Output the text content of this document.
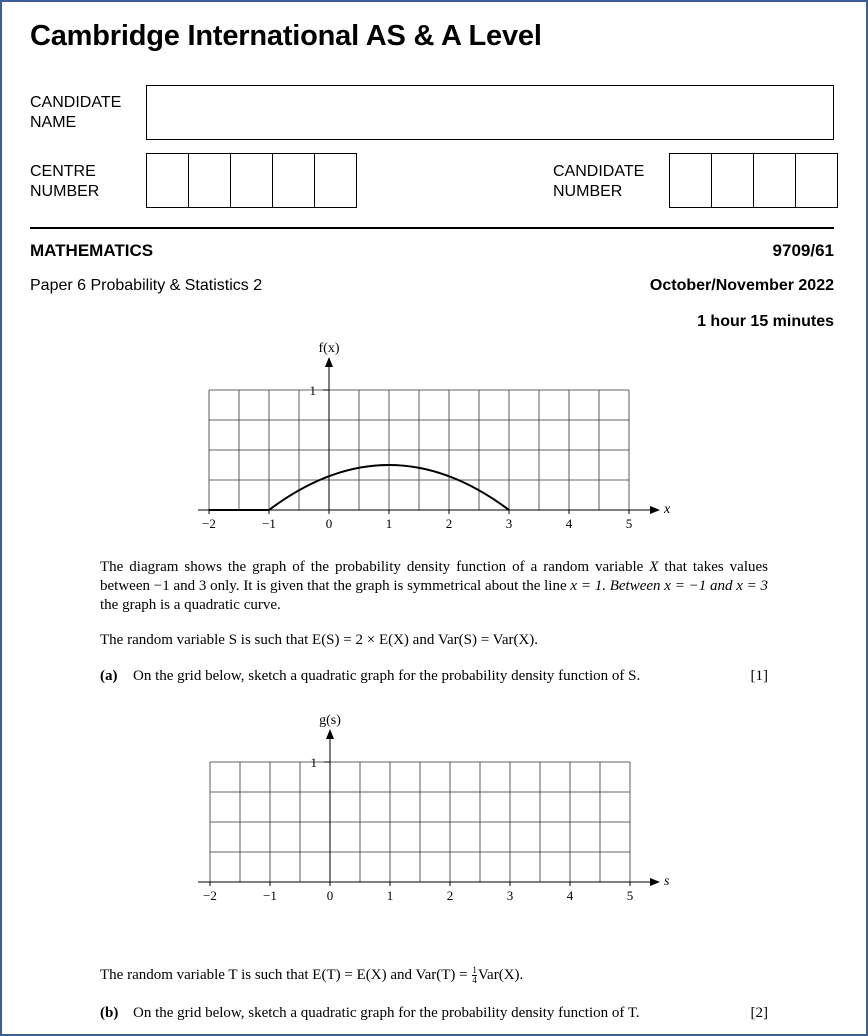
Cambridge International AS & A Level
CANDIDATE
NAME
CENTRE
NUMBER
CANDIDATE
NUMBER
MATHEMATICS	9709/61
Paper 6 Probability & Statistics 2	October/November 2022
1 hour 15 minutes
1
f(x)
x
−2	−1	0	1	2	3	4	5
The diagram shows the graph of the probability density function of a random variable X that takes values between −1 and 3 only. It is given that the graph is symmetrical about the line x = 1. Between x = −1 and x = 3 the graph is a quadratic curve.
The random variable S is such that E(S) = 2 × E(X) and Var(S) = Var(X).
(a) On the grid below, sketch a quadratic graph for the probability density function of S.	[1]
1
g(s)
s
−2	−1	0	1	2	3	4	5
The random variable T is such that E(T) = E(X) and $Var(T) = \frac{1}{4} Var(X)$.
(b) On the grid below, sketch a quadratic graph for the probability density function of T.	[2]
